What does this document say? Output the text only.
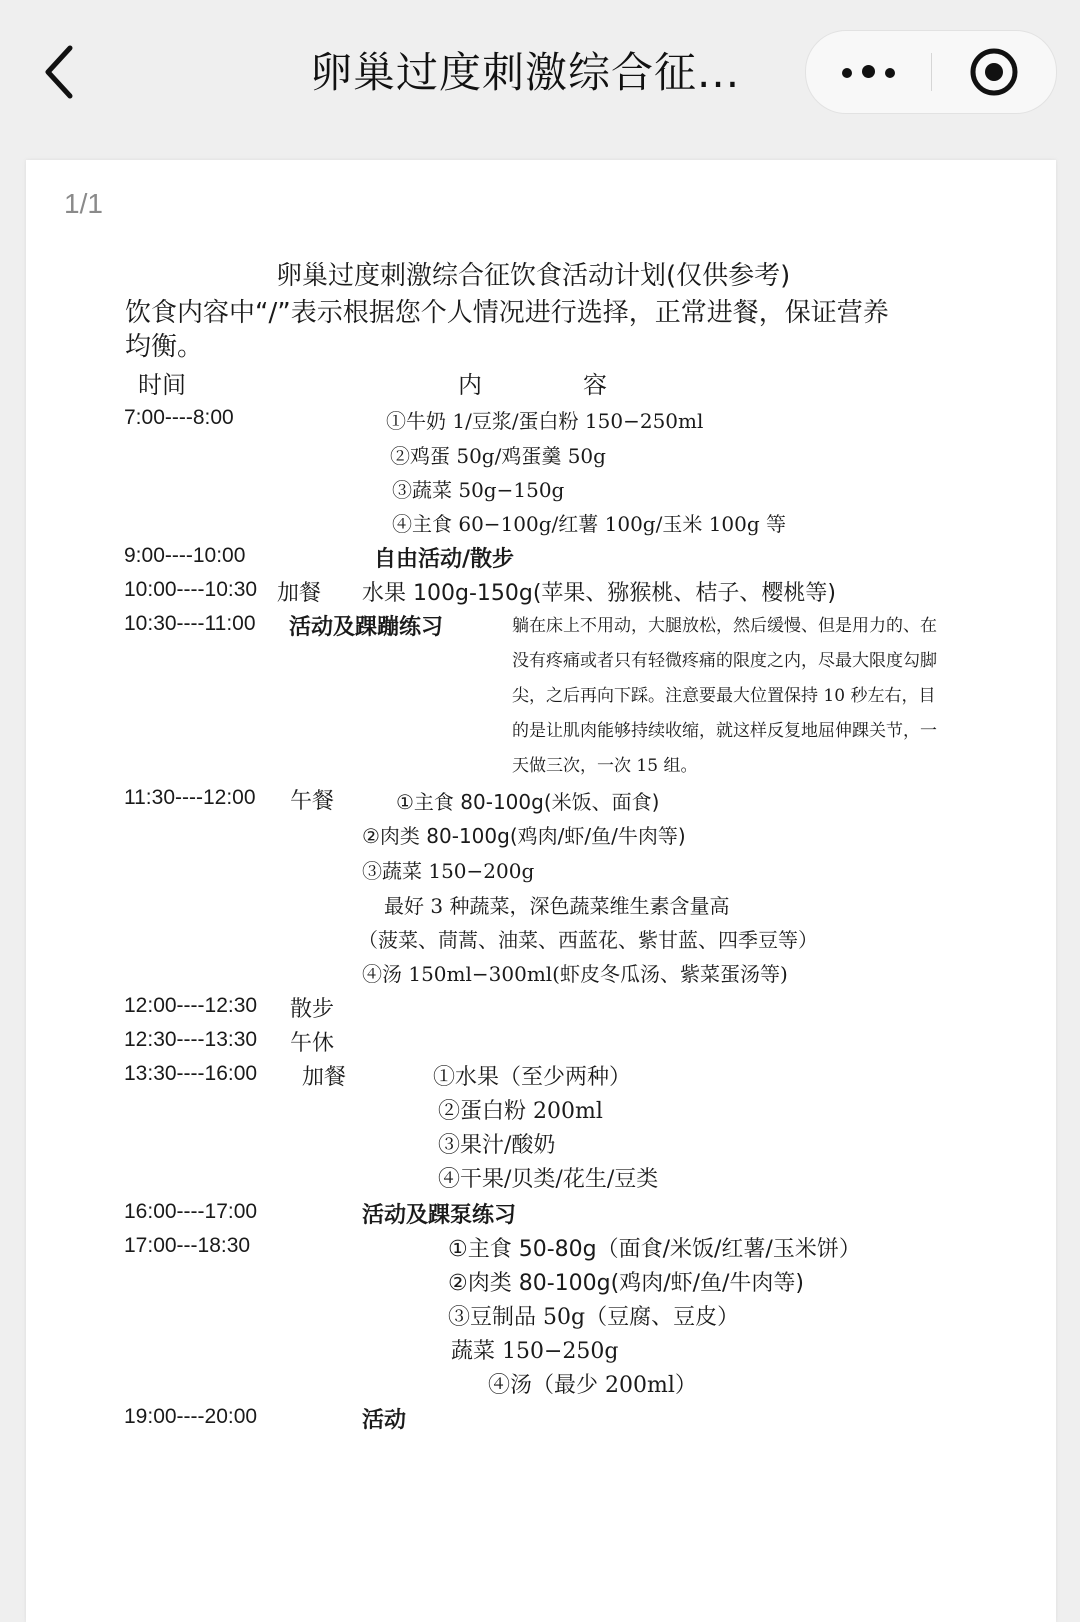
卵巢过度刺激综合征...
1/1
卵巢过度刺激综合征饮食活动计划(仅供参考)
饮食内容中“/”表示根据您个人情况进行选择，正常进餐，保证营养
均衡。
时间	内	容
7:00----8:00	①牛奶 1/豆浆/蛋白粉 150−250ml
②鸡蛋 50g/鸡蛋羹 50g
③蔬菜 50g−150g
④主食 60−100g/红薯 100g/玉米 100g 等
9:00----10:00	自由活动/散步
10:00----10:30 加餐 水果 100g-150g(苹果、猕猴桃、桔子、樱桃等)
10:30----11:00 活动及踝蹦练习	躺在床上不用动，大腿放松，然后缓慢、但是用力的、在
没有疼痛或者只有轻微疼痛的限度之内，尽最大限度勾脚
尖，之后再向下踩。注意要最大位置保持 10 秒左右，目
的是让肌肉能够持续收缩，就这样反复地屈伸踝关节，一
天做三次，一次 15 组。
11:30----12:00 午餐	①主食 80-100g(米饭、面食)
②肉类 80-100g(鸡肉/虾/鱼/牛肉等)
③蔬菜 150−200g
最好 3 种蔬菜，深色蔬菜维生素含量高
（菠菜、茼蒿、油菜、西蓝花、紫甘蓝、四季豆等）
④汤 150ml−300ml(虾皮冬瓜汤、紫菜蛋汤等)
12:00----12:30 散步
12:30----13:30 午休
13:30----16:00 加餐	①水果（至少两种）
②蛋白粉 200ml
③果汁/酸奶
④干果/贝类/花生/豆类
16:00----17:00	活动及踝泵练习
17:00---18:30	①主食 50-80g（面食/米饭/红薯/玉米饼）
②肉类 80-100g(鸡肉/虾/鱼/牛肉等)
③豆制品 50g（豆腐、豆皮）
蔬菜 150−250g
④汤（最少 200ml）
19:00----20:00	活动
